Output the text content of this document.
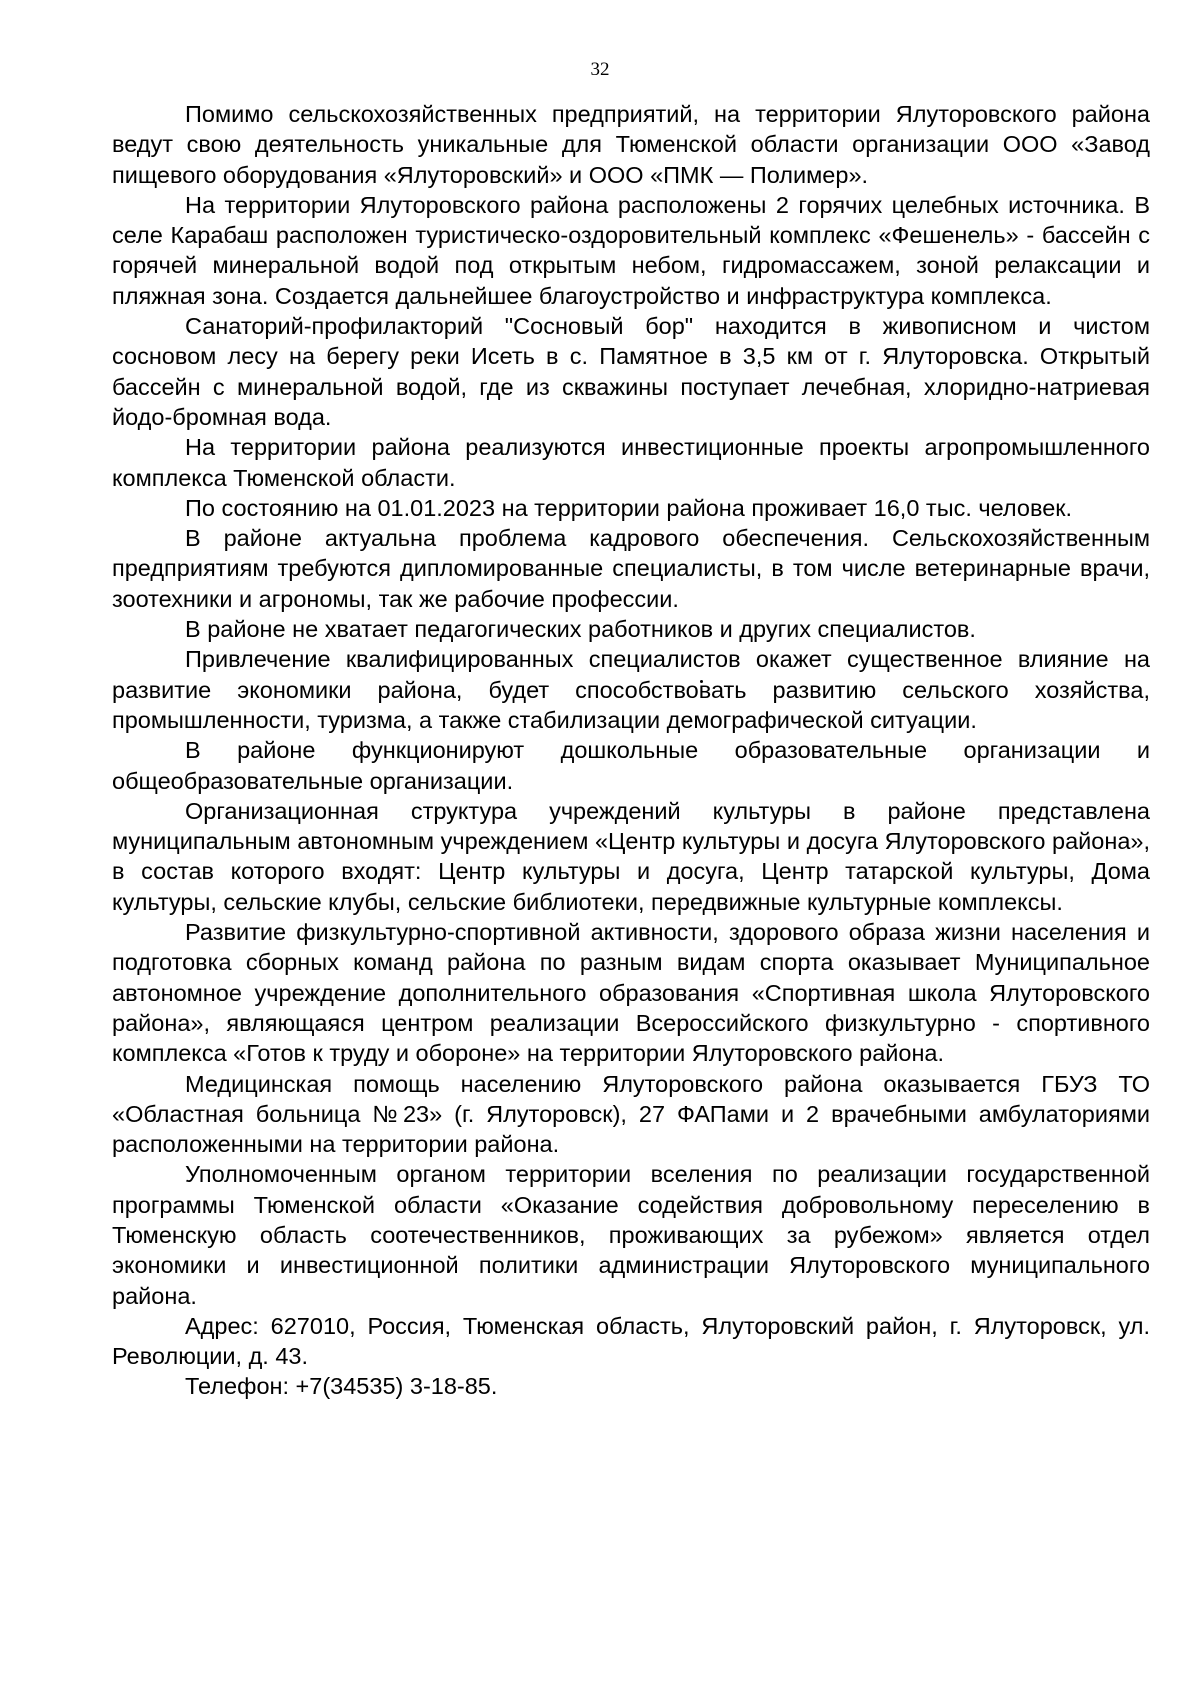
32

Помимо сельскохозяйственных предприятий, на территории Ялуторовского района ведут свою деятельность уникальные для Тюменской области организации ООО «Завод пищевого оборудования «Ялуторовский» и ООО «ПМК — Полимер».

На территории Ялуторовского района расположены 2 горячих целебных источника. В селе Карабаш расположен туристическо-оздоровительный комплекс «Фешенель» - бассейн с горячей минеральной водой под открытым небом, гидромассажем, зоной релаксации и пляжная зона. Создается дальнейшее благоустройство и инфраструктура комплекса.

Санаторий-профилакторий "Сосновый бор" находится в живописном и чистом сосновом лесу на берегу реки Исеть в с. Памятное в 3,5 км от г. Ялуторовска. Открытый бассейн с минеральной водой, где из скважины поступает лечебная, хлоридно-натриевая йодо-бромная вода.

На территории района реализуются инвестиционные проекты агропромышленного комплекса Тюменской области.

По состоянию на 01.01.2023 на территории района проживает 16,0 тыс. человек.

В районе актуальна проблема кадрового обеспечения. Сельскохозяйственным предприятиям требуются дипломированные специалисты, в том числе ветеринарные врачи, зоотехники и агрономы, так же рабочие профессии.

В районе не хватает педагогических работников и других специалистов.

Привлечение квалифицированных специалистов окажет существенное влияние на развитие экономики района, будет способствовать развитию сельского хозяйства, промышленности, туризма, а также стабилизации демографической ситуации.

В районе функционируют дошкольные образовательные организации и общеобразовательные организации.

Организационная структура учреждений культуры в районе представлена муниципальным автономным учреждением «Центр культуры и досуга Ялуторовского района», в состав которого входят: Центр культуры и досуга, Центр татарской культуры, Дома культуры, сельские клубы, сельские библиотеки, передвижные культурные комплексы.

Развитие физкультурно-спортивной активности, здорового образа жизни населения и подготовка сборных команд района по разным видам спорта оказывает Муниципальное автономное учреждение дополнительного образования «Спортивная школа Ялуторовского района», являющаяся центром реализации Всероссийского физкультурно - спортивного комплекса «Готов к труду и обороне» на территории Ялуторовского района.

Медицинская помощь населению Ялуторовского района оказывается ГБУЗ ТО «Областная больница №23» (г. Ялуторовск), 27 ФАПами и 2 врачебными амбулаториями расположенными на территории района.

Уполномоченным органом территории вселения по реализации государственной программы Тюменской области «Оказание содействия добровольному переселению в Тюменскую область соотечественников, проживающих за рубежом» является отдел экономики и инвестиционной политики администрации Ялуторовского муниципального района.

Адрес: 627010, Россия, Тюменская область, Ялуторовский район, г. Ялуторовск, ул. Революции, д. 43.

Телефон: +7(34535) 3-18-85.
